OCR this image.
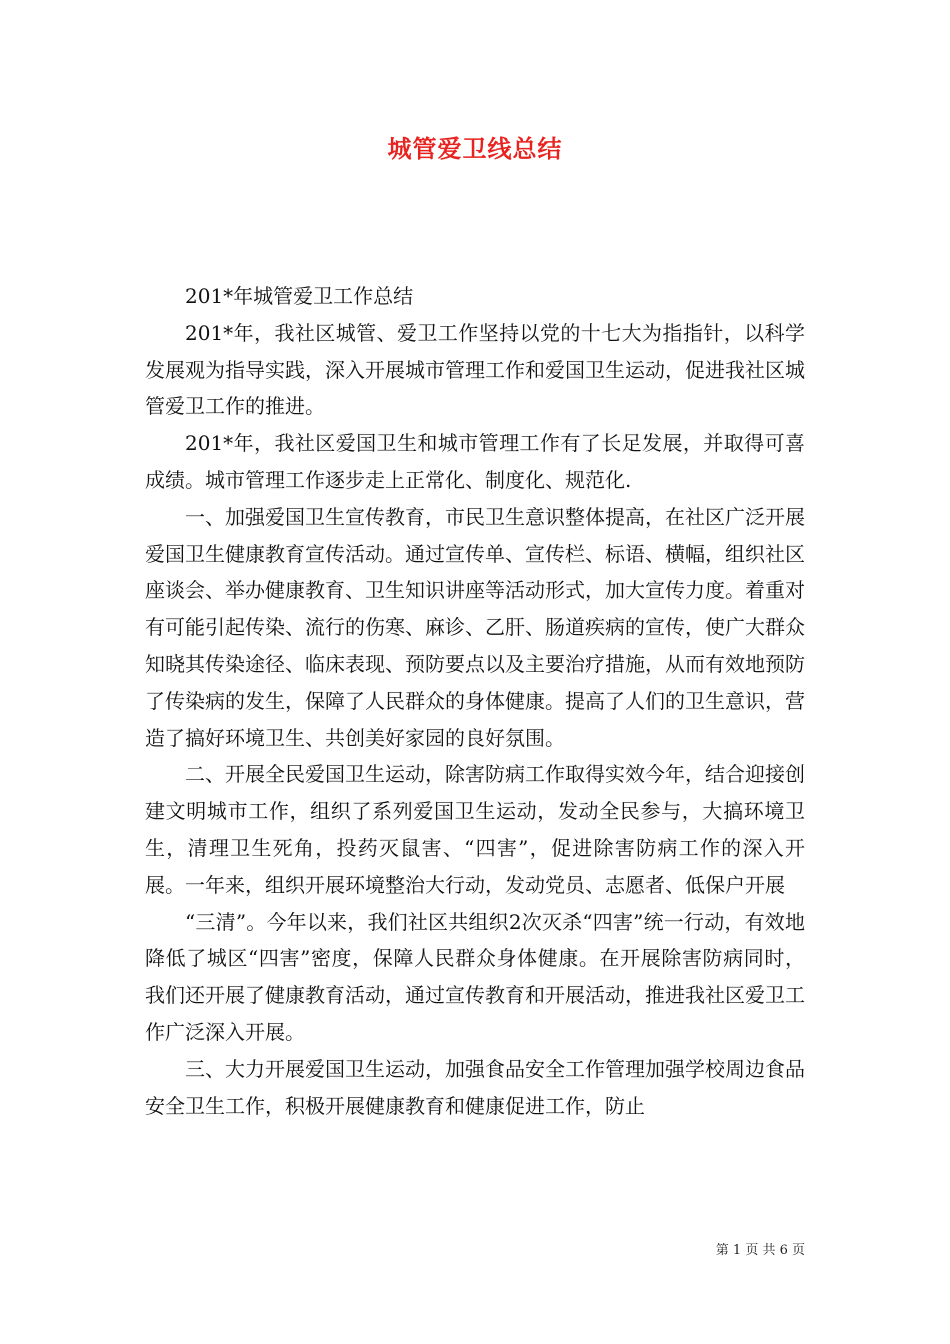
城管爱卫线总结

201*年城管爱卫工作总结

201*年，我社区城管、爱卫工作坚持以党的十七大为指指针，以科学发展观为指导实践，深入开展城市管理工作和爱国卫生运动，促进我社区城管爱卫工作的推进。

201*年，我社区爱国卫生和城市管理工作有了长足发展，并取得可喜成绩。城市管理工作逐步走上正常化、制度化、规范化.

一、加强爱国卫生宣传教育，市民卫生意识整体提高，在社区广泛开展爱国卫生健康教育宣传活动。通过宣传单、宣传栏、标语、横幅，组织社区座谈会、举办健康教育、卫生知识讲座等活动形式，加大宣传力度。着重对有可能引起传染、流行的伤寒、麻诊、乙肝、肠道疾病的宣传，使广大群众知晓其传染途径、临床表现、预防要点以及主要治疗措施，从而有效地预防了传染病的发生，保障了人民群众的身体健康。提高了人们的卫生意识，营造了搞好环境卫生、共创美好家园的良好氛围。

二、开展全民爱国卫生运动，除害防病工作取得实效今年，结合迎接创建文明城市工作，组织了系列爱国卫生运动，发动全民参与，大搞环境卫生，清理卫生死角，投药灭鼠害、“四害”，促进除害防病工作的深入开展。一年来，组织开展环境整治大行动，发动党员、志愿者、低保户开展

“三清”。今年以来，我们社区共组织2次灭杀“四害”统一行动，有效地降低了城区“四害”密度，保障人民群众身体健康。在开展除害防病同时，我们还开展了健康教育活动，通过宣传教育和开展活动，推进我社区爱卫工作广泛深入开展。

三、大力开展爱国卫生运动，加强食品安全工作管理加强学校周边食品安全卫生工作，积极开展健康教育和健康促进工作，防止

第 1 页 共 6 页
